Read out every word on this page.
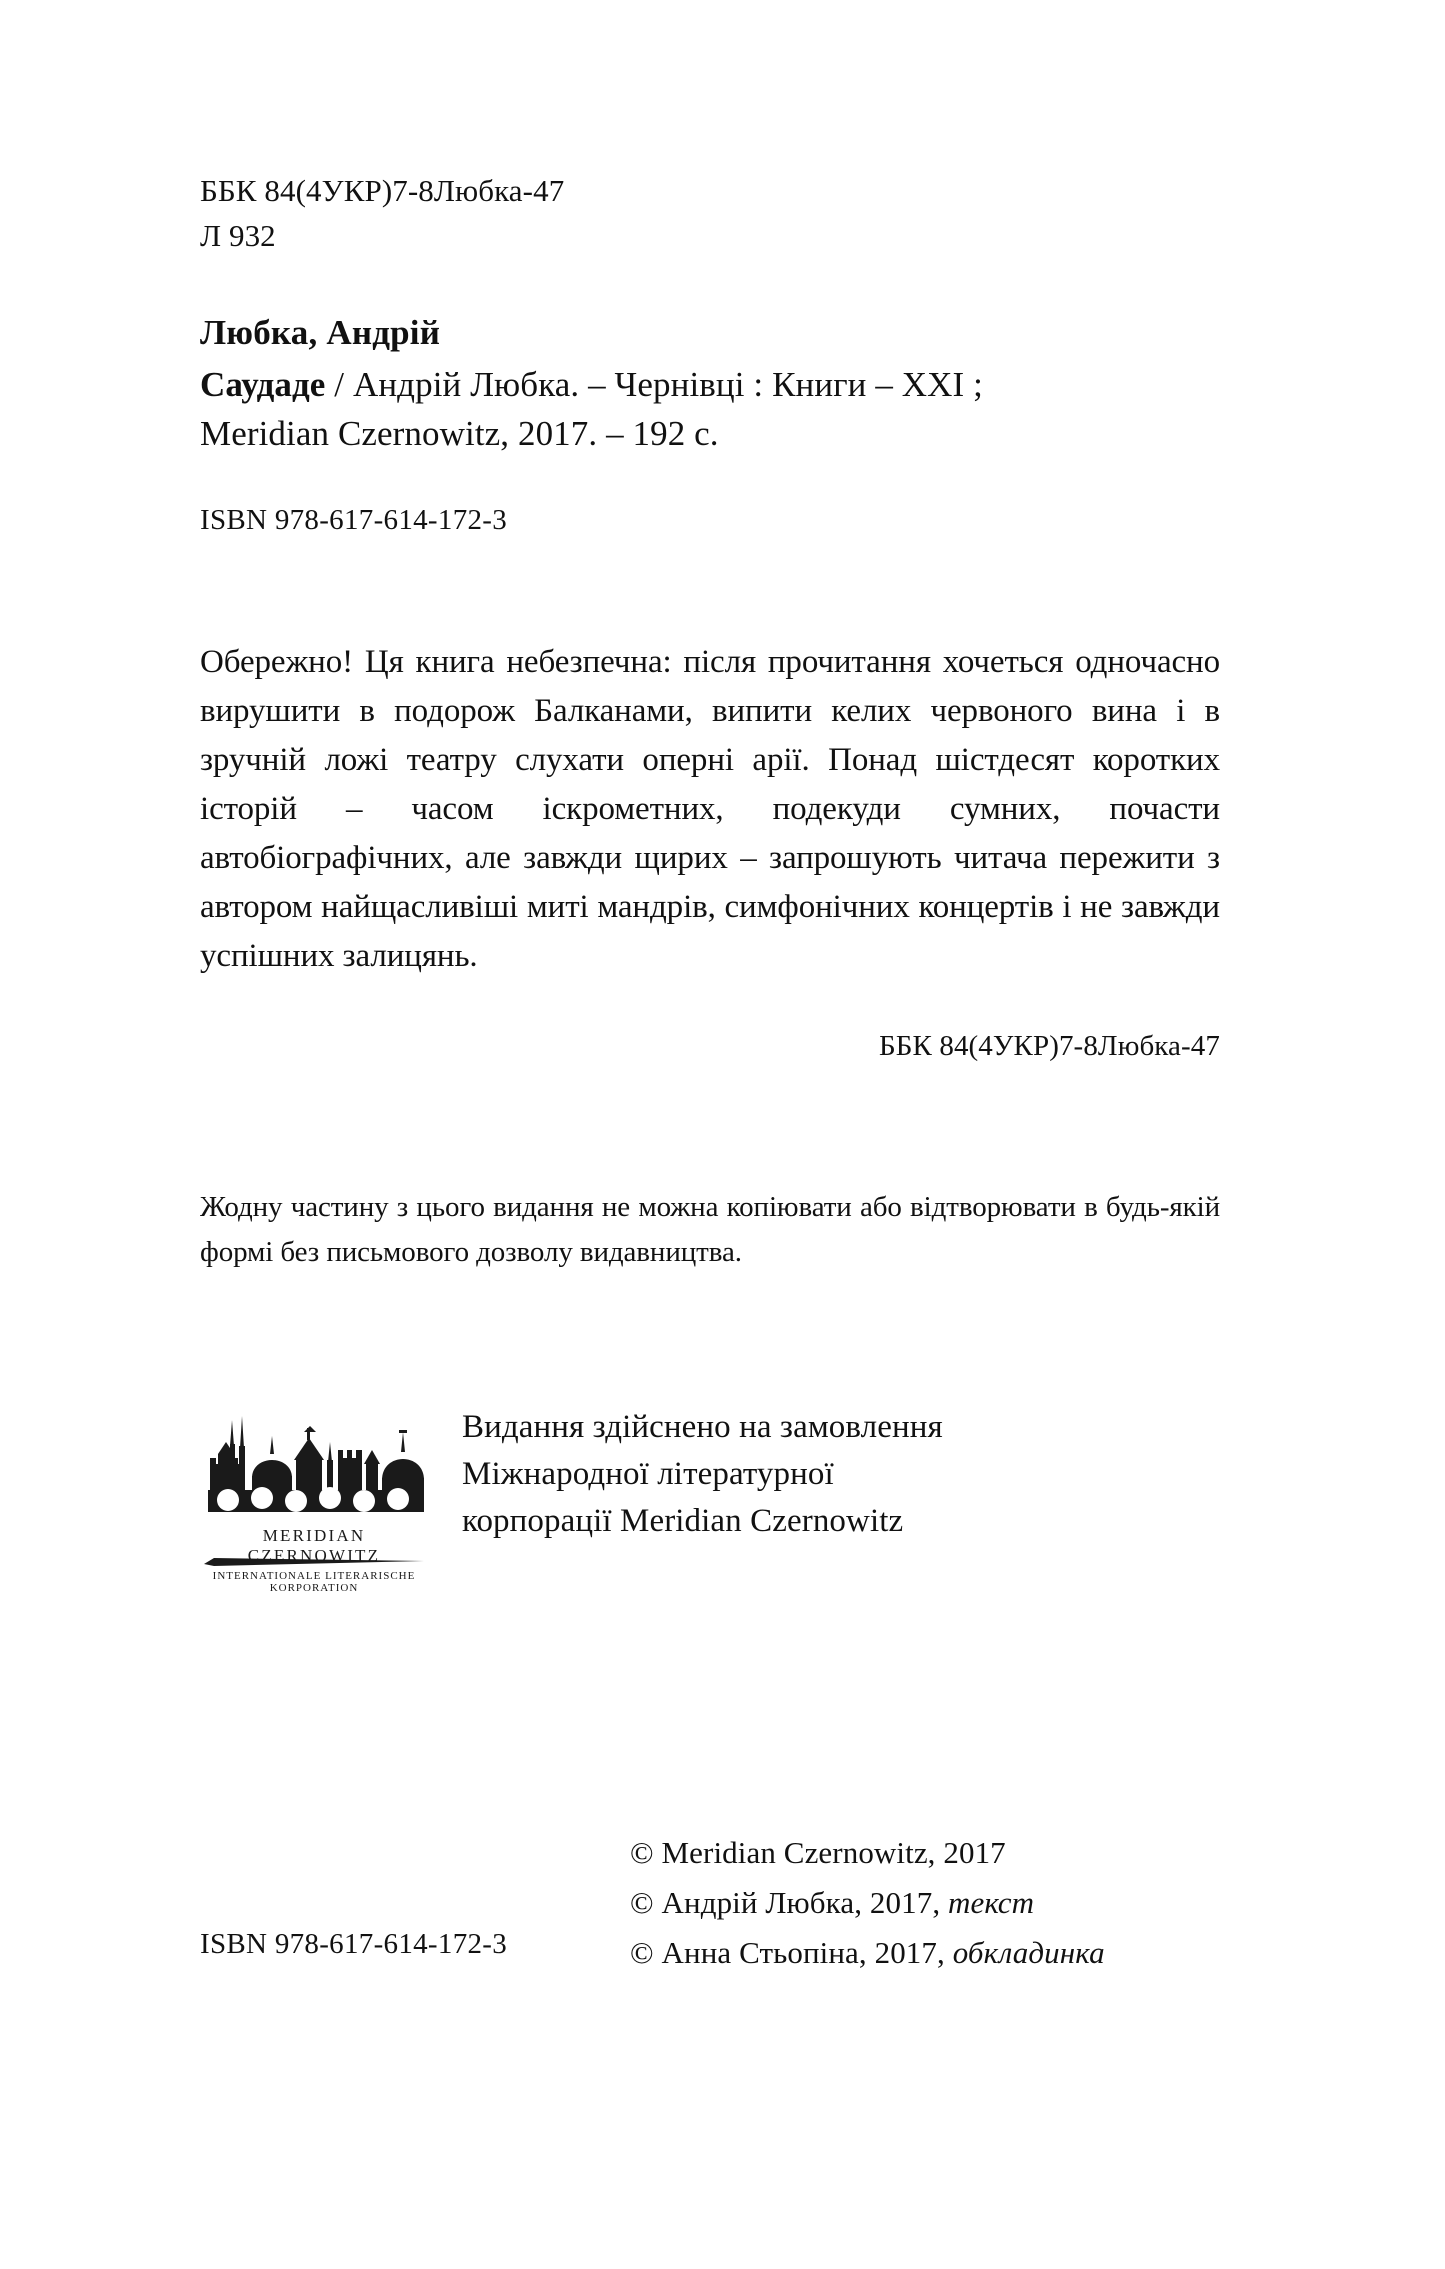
ББК 84(4УКР)7-8Любка-47
Л 932
Любка, Андрій
Саудаде / Андрій Любка. – Чернівці : Книги – XXI ;
Meridian Czernowitz, 2017. – 192 с.
ISBN 978-617-614-172-3

Обережно! Ця книга небезпечна: після прочитання хочеться одночасно вирушити в подорож Балканами, випити келих червоного вина і в зручній ложі театру слухати оперні арії. Понад шістдесят коротких історій – часом іскрометних, подекуди сумних, почасти автобіографічних, але завжди щирих – запрошують читача пережити з автором найщасливіші миті мандрів, симфонічних концертів і не завжди успішних залицянь.

ББК 84(4УКР)7-8Любка-47

Жодну частину з цього видання не можна копіювати або відтворювати в будь-якій формі без письмового дозволу видавництва.

MERIDIAN CZERNOWITZ
INTERNATIONALE LITERARISCHE
KORPORATION
Видання здійснено на замовлення
Міжнародної літературної
корпорації Meridian Czernowitz
ISBN 978-617-614-172-3
© Meridian Czernowitz, 2017
© Андрій Любка, 2017, текст
© Анна Стьопіна, 2017, обкладинка
